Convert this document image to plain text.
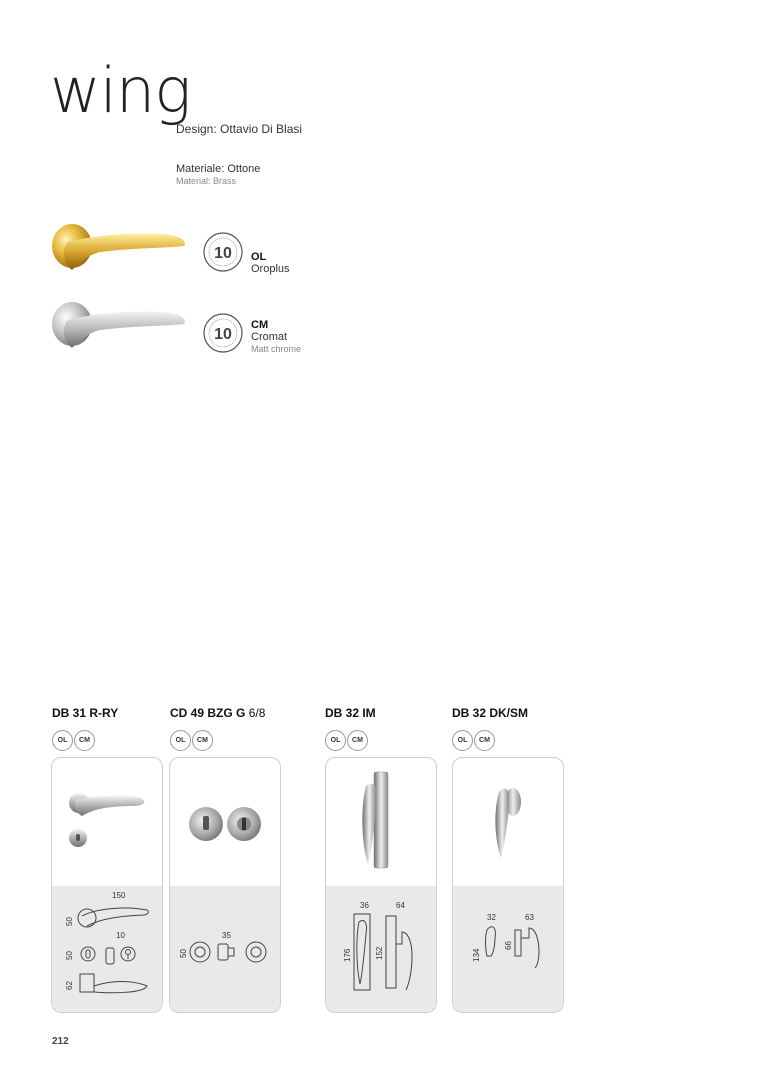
wing
Design: Ottavio Di Blasi
Materiale: Ottone
Material: Brass
10 OL
Oroplus
10
CM
Cromat
Matt chrome
DB 31 R-RY
OL	CM
150
50
50
10
62
CD 49 BZG G 6/8
OL	CM
35
50
DB 32 IM
OL	CM
36	64
176	152
DB 32 DK/SM
OL	CM
32	63
134
66
212
